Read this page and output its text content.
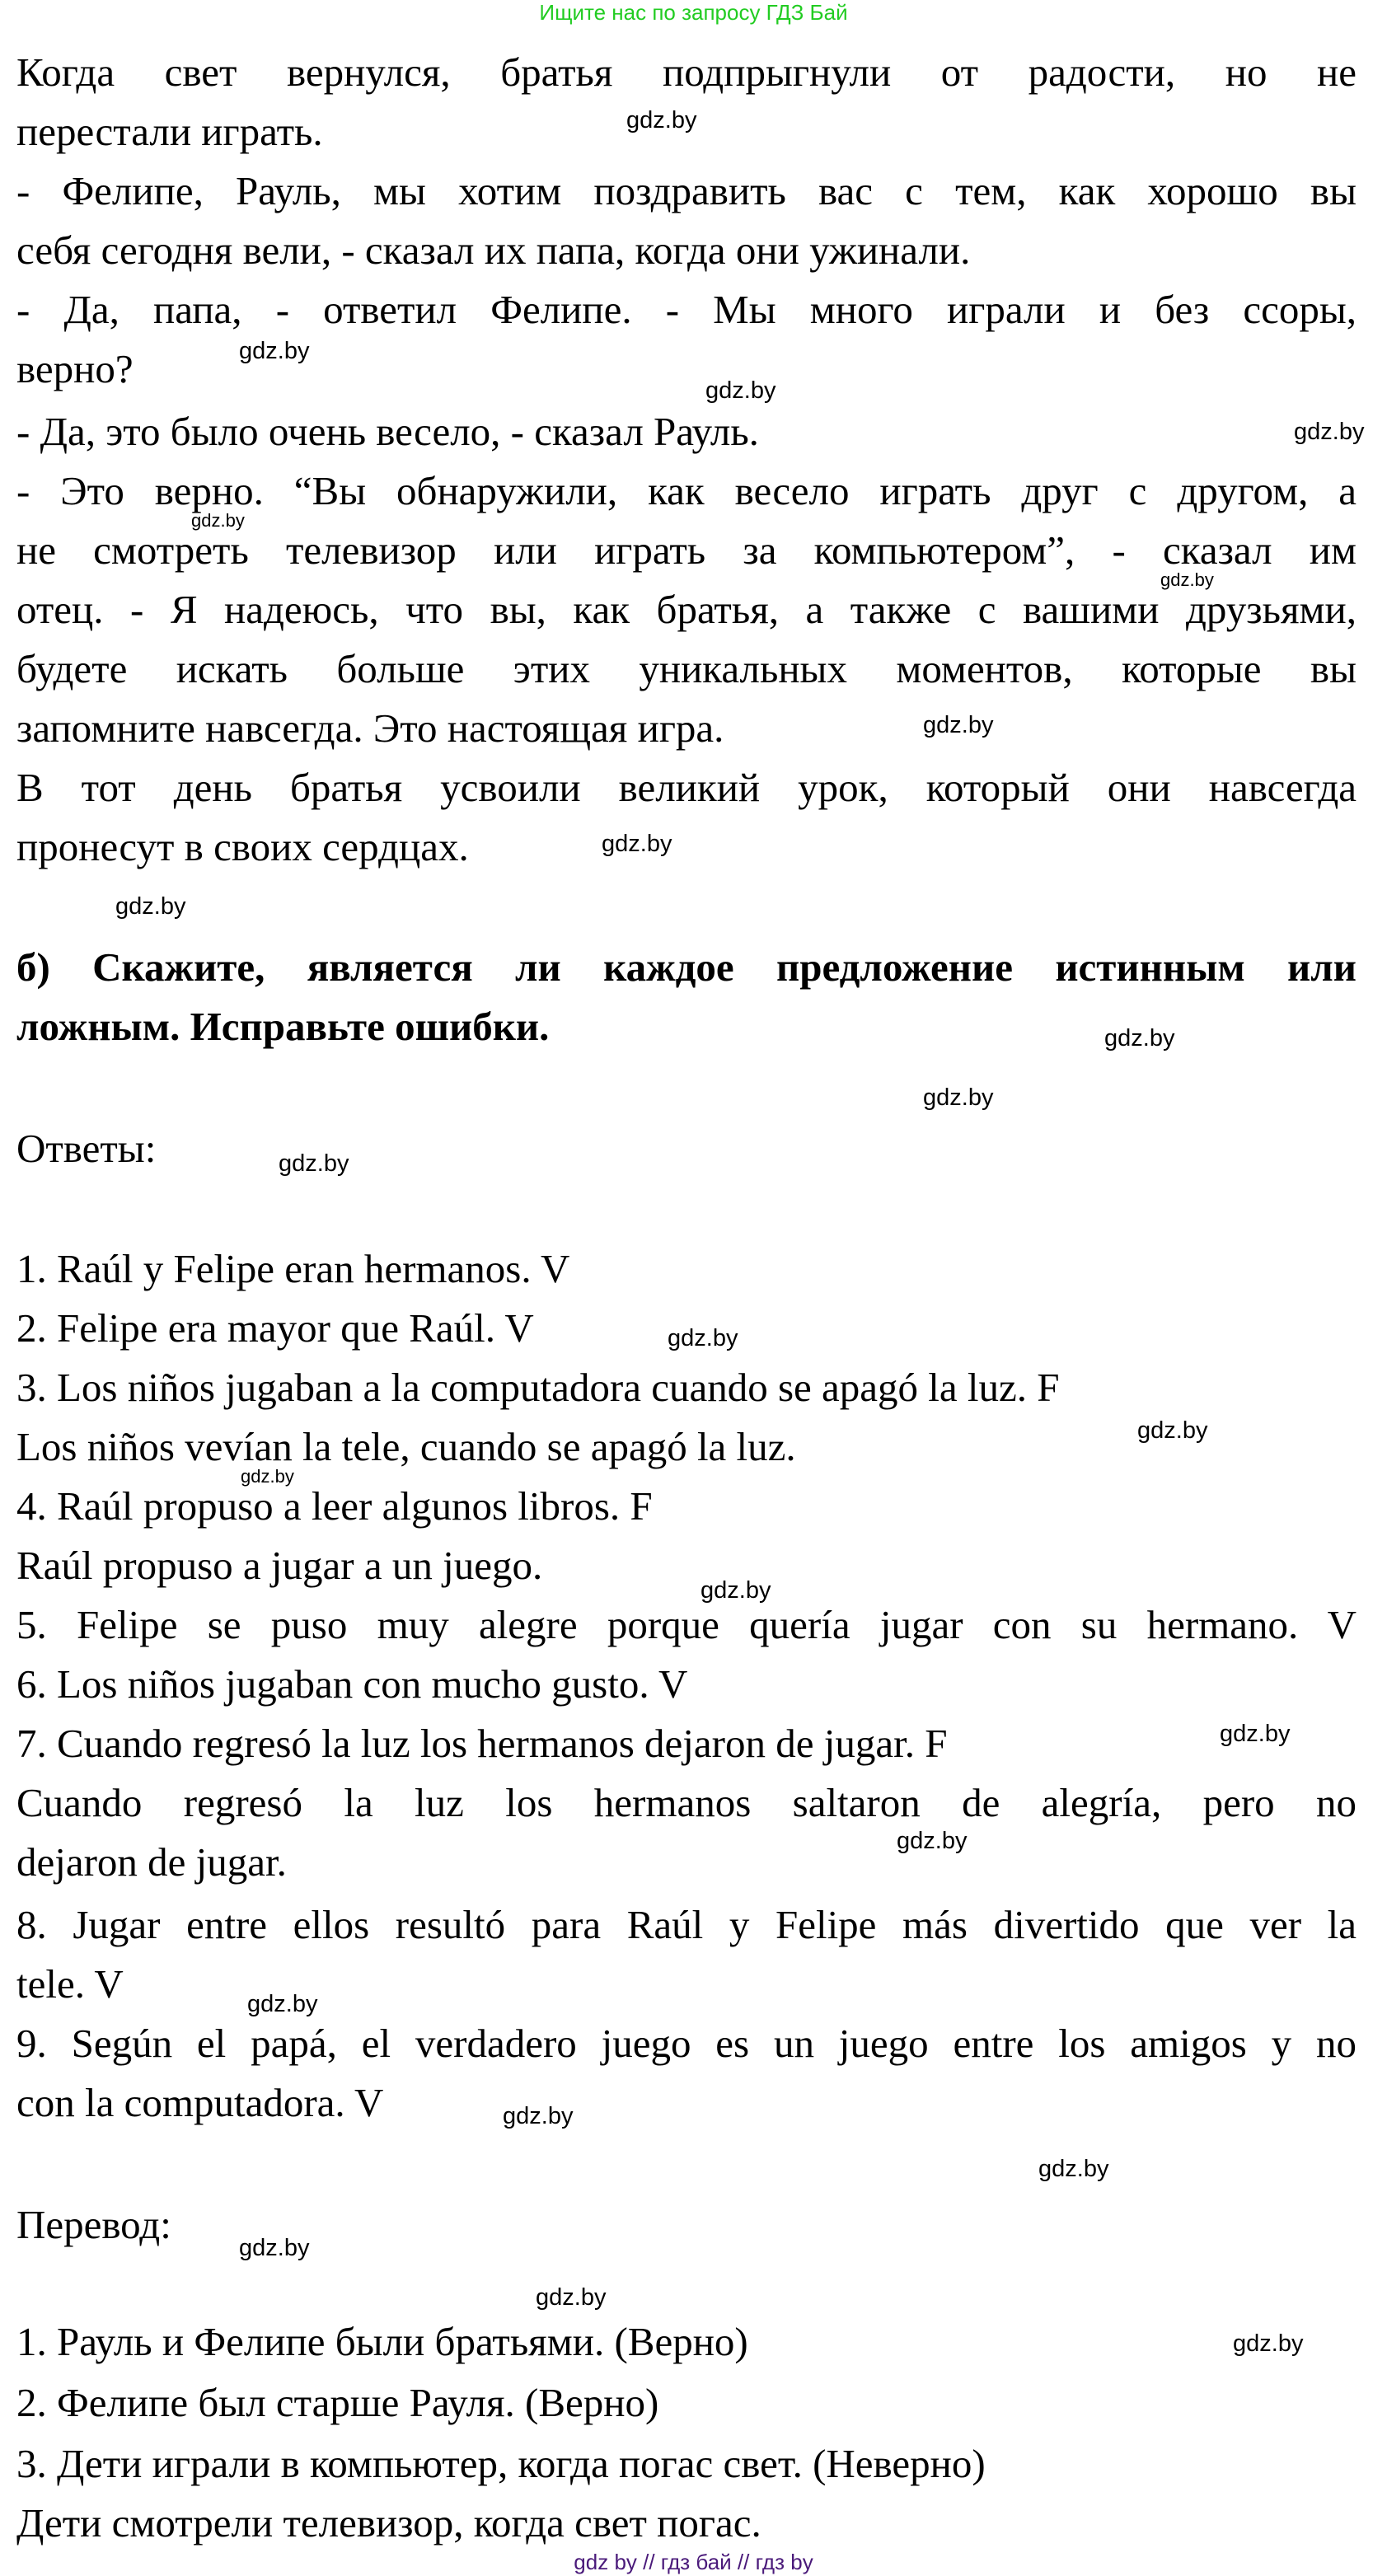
Ищите нас по запросу ГДЗ Бай
Когда свет вернулся, братья подпрыгнули от радости, но не
перестали играть.
- Фелипе, Рауль, мы хотим поздравить вас с тем, как хорошо вы
себя сегодня вели, - сказал их папа, когда они ужинали.
- Да, папа, - ответил Фелипе. - Мы много играли и без ссоры,
верно?
- Да, это было очень весело, - сказал Рауль.
- Это верно. “Вы обнаружили, как весело играть друг с другом, а
не смотреть телевизор или играть за компьютером”, - сказал им
отец. - Я надеюсь, что вы, как братья, а также с вашими друзьями,
будете искать больше этих уникальных моментов, которые вы
запомните навсегда. Это настоящая игра.
В тот день братья усвоили великий урок, который они навсегда
пронесут в своих сердцах.
б) Скажите, является ли каждое предложение истинным или
ложным. Исправьте ошибки.
Ответы:
1. Raúl y Felipe eran hermanos. V
2. Felipe era mayor que Raúl. V
3. Los niños jugaban a la computadora cuando se apagó la luz. F
Los niños vevían la tele, cuando se apagó la luz.
4. Raúl propuso a leer algunos libros. F
Raúl propuso a jugar a un juego.
5. Felipe se puso muy alegre porque quería jugar con su hermano. V
6. Los niños jugaban con mucho gusto. V
7. Cuando regresó la luz los hermanos dejaron de jugar. F
Cuando regresó la luz los hermanos saltaron de alegría, pero no
dejaron de jugar.
8. Jugar entre ellos resultó para Raúl y Felipe más divertido que ver la
tele. V
9. Según el papá, el verdadero juego es un juego entre los amigos y no
con la computadora. V
Перевод:
1. Рауль и Фелипе были братьями. (Верно)
2. Фелипе был старше Рауля. (Верно)
3. Дети играли в компьютер, когда погас свет. (Неверно)
Дети смотрели телевизор, когда свет погас.
gdz.by
gdz.by
gdz.by
gdz.by
gdz.by
gdz.by
gdz.by
gdz.by
gdz.by
gdz.by
gdz.by
gdz.by
gdz.by
gdz.by
gdz.by
gdz.by
gdz.by
gdz.by
gdz.by
gdz.by
gdz.by
gdz.by
gdz.by
gdz.by
gdz by // гдз бай // гдз by
